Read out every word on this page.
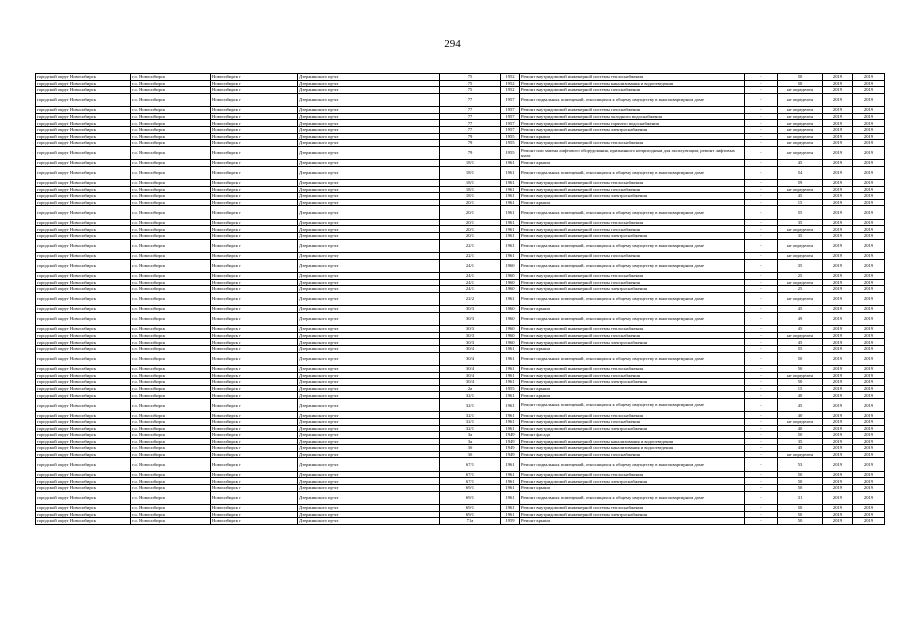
294
городской округ Новосибирск	г.о. Новосибирск	Новосибирск г	Дзержинского пр-кт	75	1952	Ремонт внутридомовой инженерной системы теплоснабжения	-	50	2019	2019
городской округ Новосибирск	г.о. Новосибирск	Новосибирск г	Дзержинского пр-кт	75	1952	Ремонт внутридомовой инженерной системы канализования и водоотведения	-	50	2019	2019
городской округ Новосибирск	г.о. Новосибирск	Новосибирск г	Дзержинского пр-кт	75	1952	Ремонт внутридомовой инженерной системы газоснабжения	-	не определен	2019	2019
городской округ Новосибирск	г.о. Новосибирск	Новосибирск г	Дзержинского пр-кт	77	1957	Ремонт подвальных помещений, относящихся к общему имуществу в многоквартирном доме	-	не определен	2019	2019
городской округ Новосибирск	г.о. Новосибирск	Новосибирск г	Дзержинского пр-кт	77	1957	Ремонт внутридомовой инженерной системы газоснабжения	-	не определен	2019	2019
городской округ Новосибирск	г.о. Новосибирск	Новосибирск г	Дзержинского пр-кт	77	1957	Ремонт внутридомовой инженерной системы холодного водоснабжения	-	не определен	2019	2019
городской округ Новосибирск	г.о. Новосибирск	Новосибирск г	Дзержинского пр-кт	77	1957	Ремонт внутридомовой инженерной системы горячего водоснабжения	-	не определен	2019	2019
городской округ Новосибирск	г.о. Новосибирск	Новосибирск г	Дзержинского пр-кт	77	1957	Ремонт внутридомовой инженерной системы электроснабжения	-	не определен	2019	2019
городской округ Новосибирск	г.о. Новосибирск	Новосибирск г	Дзержинского пр-кт	79	1955	Ремонт крыши	-	не определен	2019	2019
городской округ Новосибирск	г.о. Новосибирск	Новосибирск г	Дзержинского пр-кт	79	1955	Ремонт внутридомовой инженерной системы теплоснабжения	-	не определен	2019	2019
городской округ Новосибирск	г.о. Новосибирск	Новосибирск г	Дзержинского пр-кт	79	1955	Ремонт или замена лифтового оборудования, признанного непригодным для эксплуатации, ремонт лифтовых шахт	-	не определен	2019	2019
городской округ Новосибирск	г.о. Новосибирск	Новосибирск г	Дзержинского пр-кт	18/1	1961	Ремонт крыши	-	45	2019	2019
городской округ Новосибирск	г.о. Новосибирск	Новосибирск г	Дзержинского пр-кт	18/1	1961	Ремонт подвальных помещений, относящихся к общему имуществу в многоквартирном доме	-	54	2019	2019
городской округ Новосибирск	г.о. Новосибирск	Новосибирск г	Дзержинского пр-кт	18/1	1961	Ремонт внутридомовой инженерной системы теплоснабжения	-	59	2019	2019
городской округ Новосибирск	г.о. Новосибирск	Новосибирск г	Дзержинского пр-кт	18/1	1961	Ремонт внутридомовой инженерной системы газоснабжения	-	не определен	2019	2019
городской округ Новосибирск	г.о. Новосибирск	Новосибирск г	Дзержинского пр-кт	18/1	1961	Ремонт внутридомовой инженерной системы электроснабжения	-	45	2019	2019
городской округ Новосибирск	г.о. Новосибирск	Новосибирск г	Дзержинского пр-кт	20/1	1961	Ремонт крыши	-	15	2019	2019
городской округ Новосибирск	г.о. Новосибирск	Новосибирск г	Дзержинского пр-кт	20/1	1961	Ремонт подвальных помещений, относящихся к общему имуществу в многоквартирном доме	-	55	2019	2019
городской округ Новосибирск	г.о. Новосибирск	Новосибирск г	Дзержинского пр-кт	20/1	1961	Ремонт внутридомовой инженерной системы теплоснабжения	-	35	2019	2019
городской округ Новосибирск	г.о. Новосибирск	Новосибирск г	Дзержинского пр-кт	20/1	1961	Ремонт внутридомовой инженерной системы газоснабжения	-	не определен	2019	2019
городской округ Новосибирск	г.о. Новосибирск	Новосибирск г	Дзержинского пр-кт	20/1	1961	Ремонт внутридомовой инженерной системы электроснабжения	-	35	2019	2019
городской округ Новосибирск	г.о. Новосибирск	Новосибирск г	Дзержинского пр-кт	22/1	1961	Ремонт подвальных помещений, относящихся к общему имуществу в многоквартирном доме	-	не определен	2019	2019
городской округ Новосибирск	г.о. Новосибирск	Новосибирск г	Дзержинского пр-кт	22/1	1961	Ремонт внутридомовой инженерной системы газоснабжения	-	не определен	2019	2019
городской округ Новосибирск	г.о. Новосибирск	Новосибирск г	Дзержинского пр-кт	24/1	1960	Ремонт подвальных помещений, относящихся к общему имуществу в многоквартирном доме	-	35	2019	2019
городской округ Новосибирск	г.о. Новосибирск	Новосибирск г	Дзержинского пр-кт	24/1	1960	Ремонт внутридомовой инженерной системы теплоснабжения	-	25	2019	2019
городской округ Новосибирск	г.о. Новосибирск	Новосибирск г	Дзержинского пр-кт	24/1	1960	Ремонт внутридомовой инженерной системы газоснабжения	-	не определен	2019	2019
городской округ Новосибирск	г.о. Новосибирск	Новосибирск г	Дзержинского пр-кт	24/1	1960	Ремонт внутридомовой инженерной системы электроснабжения	-	25	2019	2019
городской округ Новосибирск	г.о. Новосибирск	Новосибирск г	Дзержинского пр-кт	22/2	1961	Ремонт подвальных помещений, относящихся к общему имуществу в многоквартирном доме	-	не определен	2019	2019
городской округ Новосибирск	г.о. Новосибирск	Новосибирск г	Дзержинского пр-кт	30/3	1960	Ремонт крыши	-	45	2019	2019
городской округ Новосибирск	г.о. Новосибирск	Новосибирск г	Дзержинского пр-кт	30/3	1960	Ремонт подвальных помещений, относящихся к общему имуществу в многоквартирном доме	-	49	2019	2019
городской округ Новосибирск	г.о. Новосибирск	Новосибирск г	Дзержинского пр-кт	30/3	1960	Ремонт внутридомовой инженерной системы теплоснабжения	-	45	2019	2019
городской округ Новосибирск	г.о. Новосибирск	Новосибирск г	Дзержинского пр-кт	30/3	1960	Ремонт внутридомовой инженерной системы газоснабжения	-	не определен	2019	2019
городской округ Новосибирск	г.о. Новосибирск	Новосибирск г	Дзержинского пр-кт	30/3	1960	Ремонт внутридомовой инженерной системы электроснабжения	-	45	2019	2019
городской округ Новосибирск	г.о. Новосибирск	Новосибирск г	Дзержинского пр-кт	30/4	1961	Ремонт крыши	-	55	2019	2019
городской округ Новосибирск	г.о. Новосибирск	Новосибирск г	Дзержинского пр-кт	30/4	1961	Ремонт подвальных помещений, относящихся к общему имуществу в многоквартирном доме	-	50	2019	2019
городской округ Новосибирск	г.о. Новосибирск	Новосибирск г	Дзержинского пр-кт	30/4	1961	Ремонт внутридомовой инженерной системы теплоснабжения	-	50	2019	2019
городской округ Новосибирск	г.о. Новосибирск	Новосибирск г	Дзержинского пр-кт	30/4	1961	Ремонт внутридомовой инженерной системы газоснабжения	-	не определен	2019	2019
городской округ Новосибирск	г.о. Новосибирск	Новосибирск г	Дзержинского пр-кт	30/4	1961	Ремонт внутридомовой инженерной системы электроснабжения	-	50	2019	2019
городской округ Новосибирск	г.о. Новосибирск	Новосибирск г	Дзержинского пр-кт	2а	1955	Ремонт крыши	-	15	2019	2019
городской округ Новосибирск	г.о. Новосибирск	Новосибирск г	Дзержинского пр-кт	32/1	1961	Ремонт крыши	-	40	2019	2019
городской округ Новосибирск	г.о. Новосибирск	Новосибирск г	Дзержинского пр-кт	32/1	1961	Ремонт подвальных помещений, относящихся к общему имуществу в многоквартирном доме	-	45	2019	2019
городской округ Новосибирск	г.о. Новосибирск	Новосибирск г	Дзержинского пр-кт	32/1	1961	Ремонт внутридомовой инженерной системы теплоснабжения	-	40	2019	2019
городской округ Новосибирск	г.о. Новосибирск	Новосибирск г	Дзержинского пр-кт	32/1	1961	Ремонт внутридомовой инженерной системы газоснабжения	-	не определен	2019	2019
городской округ Новосибирск	г.о. Новосибирск	Новосибирск г	Дзержинского пр-кт	32/1	1961	Ремонт внутридомовой инженерной системы электроснабжения	-	40	2019	2019
городской округ Новосибирск	г.о. Новосибирск	Новосибирск г	Дзержинского пр-кт	3а	1949	Ремонт фасада	-	50	2019	2019
городской округ Новосибирск	г.о. Новосибирск	Новосибирск г	Дзержинского пр-кт	3а	1949	Ремонт внутридомовой инженерной системы канализования и водоотведения	-	35	2019	2019
городской округ Новосибирск	г.о. Новосибирск	Новосибирск г	Дзержинского пр-кт	3б	1949	Ремонт внутридомовой инженерной системы канализования и водоотведения	-	45	2019	2019
городской округ Новосибирск	г.о. Новосибирск	Новосибирск г	Дзержинского пр-кт	3б	1949	Ремонт внутридомовой инженерной системы газоснабжения	-	не определен	2019	2019
городской округ Новосибирск	г.о. Новосибирск	Новосибирск г	Дзержинского пр-кт	67/1	1961	Ремонт подвальных помещений, относящихся к общему имуществу в многоквартирном доме	-	53	2019	2019
городской округ Новосибирск	г.о. Новосибирск	Новосибирск г	Дзержинского пр-кт	67/1	1961	Ремонт внутридомовой инженерной системы теплоснабжения	-	50	2019	2019
городской округ Новосибирск	г.о. Новосибирск	Новосибирск г	Дзержинского пр-кт	67/1	1961	Ремонт внутридомовой инженерной системы электроснабжения	-	50	2019	2019
городской округ Новосибирск	г.о. Новосибирск	Новосибирск г	Дзержинского пр-кт	69/1	1961	Ремонт крыши	-	50	2019	2019
городской округ Новосибирск	г.о. Новосибирск	Новосибирск г	Дзержинского пр-кт	69/1	1961	Ремонт подвальных помещений, относящихся к общему имуществу в многоквартирном доме	-	31	2019	2019
городской округ Новосибирск	г.о. Новосибирск	Новосибирск г	Дзержинского пр-кт	69/1	1961	Ремонт внутридомовой инженерной системы теплоснабжения	-	50	2019	2019
городской округ Новосибирск	г.о. Новосибирск	Новосибирск г	Дзержинского пр-кт	69/1	1961	Ремонт внутридомовой инженерной системы электроснабжения	-	50	2019	2019
городской округ Новосибирск	г.о. Новосибирск	Новосибирск г	Дзержинского пр-кт	71а	1959	Ремонт крыши	-	50	2019	2019
